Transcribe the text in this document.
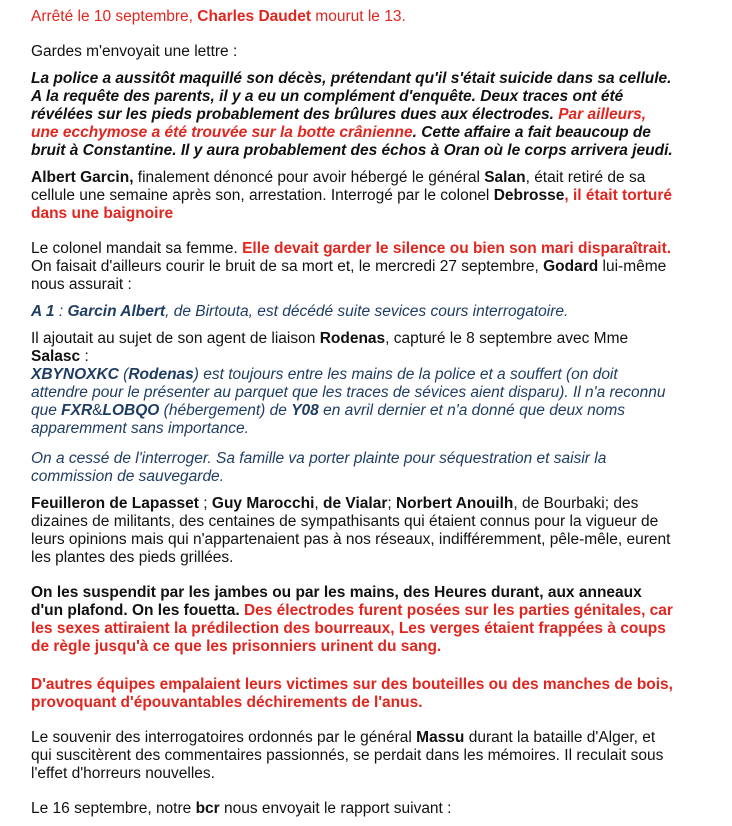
Arrêté le 10 septembre, Charles Daudet mourut le 13.
Gardes m'envoyait une lettre :
La police a aussitôt maquillé son décès, prétendant qu'il s'était suicide dans sa cellule.
A la requête des parents, il y a eu un complément d'enquête. Deux traces ont été
révélées sur les pieds probablement des brûlures dues aux électrodes. Par ailleurs,
une ecchymose a été trouvée sur la botte crânienne. Cette affaire a fait beaucoup de
bruit à Constantine. Il y aura probablement des échos à Oran où le corps arrivera jeudi.
Albert Garcin, finalement dénoncé pour avoir hébergé le général Salan, était retiré de sa
cellule une semaine après son, arrestation. Interrogé par le colonel Debrosse, il était torturé
dans une baignoire
Le colonel mandait sa femme. Elle devait garder le silence ou bien son mari disparaîtrait.
On faisait d'ailleurs courir le bruit de sa mort et, le mercredi 27 septembre, Godard lui-même
nous assurait :
A 1 : Garcin Albert, de Birtouta, est décédé suite sevices cours interrogatoire.
Il ajoutait au sujet de son agent de liaison Rodenas, capturé le 8 septembre avec Mme
Salasc :
XBYNOXKC (Rodenas) est toujours entre les mains de la police et a souffert (on doit
attendre pour le présenter au parquet que les traces de sévices aient disparu). Il n'a reconnu
que FXR&LOBQO (hébergement) de Y08 en avril dernier et n'a donné que deux noms
apparemment sans importance.
On a cessé de l'interroger. Sa famille va porter plainte pour séquestration et saisir la
commission de sauvegarde.
Feuilleron de Lapasset ; Guy Marocchi, de Vialar; Norbert Anouilh, de Bourbaki; des
dizaines de militants, des centaines de sympathisants qui étaient connus pour la vigueur de
leurs opinions mais qui n'appartenaient pas à nos réseaux, indifféremment, pêle-mêle, eurent
les plantes des pieds grillées.
On les suspendit par les jambes ou par les mains, des Heures durant, aux anneaux
d'un plafond. On les fouetta. Des électrodes furent posées sur les parties génitales, car
les sexes attiraient la prédilection des bourreaux, Les verges étaient frappées à coups
de règle jusqu'à ce que les prisonniers urinent du sang.
D'autres équipes empalaient leurs victimes sur des bouteilles ou des manches de bois,
provoquant d'épouvantables déchirements de l'anus.
Le souvenir des interrogatoires ordonnés par le général Massu durant la bataille d'Alger, et
qui suscitèrent des commentaires passionnés, se perdait dans les mémoires. Il reculait sous
l'effet d'horreurs nouvelles.
Le 16 septembre, notre bcr nous envoyait le rapport suivant :
